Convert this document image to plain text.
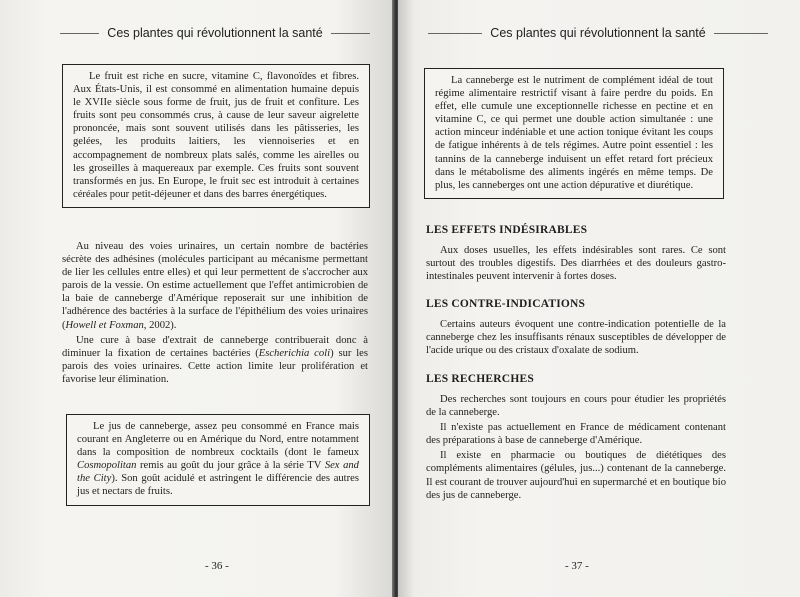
Ces plantes qui révolutionnent la santé

Le fruit est riche en sucre, vitamine C, flavonoïdes et fibres. Aux États-Unis, il est consommé en alimentation humaine depuis le XVIIe siècle sous forme de fruit, jus de fruit et confiture. Les fruits sont peu consommés crus, à cause de leur saveur aigrelette prononcée, mais sont souvent utilisés dans les pâtisseries, les gelées, les produits laitiers, les viennoiseries et en accompagnement de nombreux plats salés, comme les airelles ou les groseilles à maquereaux par exemple. Ces fruits sont souvent transformés en jus. En Europe, le fruit sec est introduit à certaines céréales pour petit-déjeuner et dans des barres énergétiques.

Au niveau des voies urinaires, un certain nombre de bactéries sécrète des adhésines (molécules participant au mécanisme permettant de lier les cellules entre elles) et qui leur permettent de s'accrocher aux parois de la vessie. On estime actuellement que l'effet antimicrobien de la baie de canneberge d'Amérique reposerait sur une inhibition de l'adhérence des bactéries à la surface de l'épithélium des voies urinaires (Howell et Foxman, 2002).

Une cure à base d'extrait de canneberge contribuerait donc à diminuer la fixation de certaines bactéries (Escherichia coli) sur les parois des voies urinaires. Cette action limite leur prolifération et favorise leur élimination.

Le jus de canneberge, assez peu consommé en France mais courant en Angleterre ou en Amérique du Nord, entre notamment dans la composition de nombreux cocktails (dont le fameux Cosmopolitan remis au goût du jour grâce à la série TV Sex and the City). Son goût acidulé et astringent le différencie des autres jus et nectars de fruits.

- 36 -
Ces plantes qui révolutionnent la santé

La canneberge est le nutriment de complément idéal de tout régime alimentaire restrictif visant à faire perdre du poids. En effet, elle cumule une exceptionnelle richesse en pectine et en vitamine C, ce qui permet une double action simultanée : une action minceur indéniable et une action tonique évitant les coups de fatigue inhérents à de tels régimes. Autre point essentiel : les tannins de la canneberge induisent un effet retard fort précieux dans le métabolisme des aliments ingérés en même temps. De plus, les canneberges ont une action dépurative et diurétique.

LES EFFETS INDÉSIRABLES

Aux doses usuelles, les effets indésirables sont rares. Ce sont surtout des troubles digestifs. Des diarrhées et des douleurs gastro-intestinales peuvent intervenir à fortes doses.

LES CONTRE-INDICATIONS

Certains auteurs évoquent une contre-indication potentielle de la canneberge chez les insuffisants rénaux susceptibles de développer de l'acide urique ou des cristaux d'oxalate de sodium.

LES RECHERCHES

Des recherches sont toujours en cours pour étudier les propriétés de la canneberge.

Il n'existe pas actuellement en France de médicament contenant des préparations à base de canneberge d'Amérique.

Il existe en pharmacie ou boutiques de diététiques des compléments alimentaires (gélules, jus...) contenant de la canneberge. Il est courant de trouver aujourd'hui en supermarché et en boutique bio des jus de canneberge.

- 37 -
